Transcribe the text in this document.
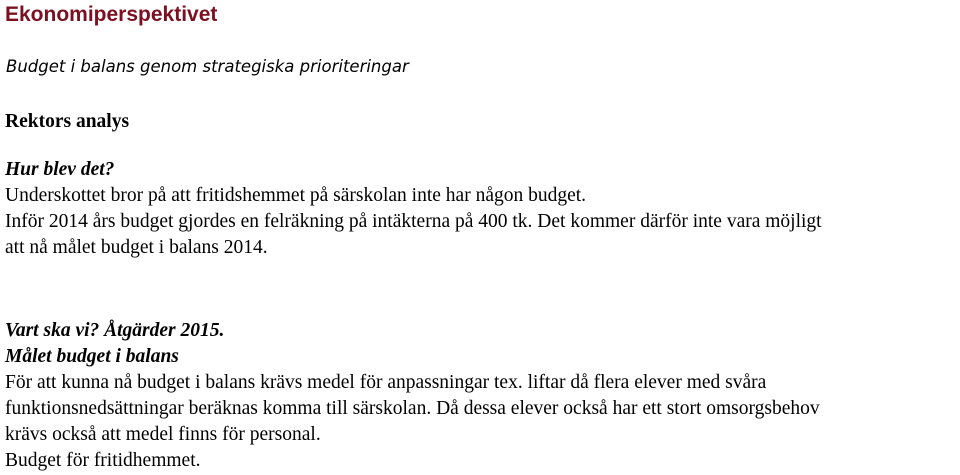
Ekonomiperspektivet
Budget i balans genom strategiska prioriteringar
Rektors analys
Hur blev det?
Underskottet bror på att fritidshemmet på särskolan inte har någon budget.
Inför 2014 års budget gjordes en felräkning på intäkterna på 400 tk. Det kommer därför inte vara möjligt
att nå målet budget i balans 2014.
Vart ska vi? Åtgärder 2015.
Målet budget i balans
För att kunna nå budget i balans krävs medel för anpassningar tex. liftar då flera elever med svåra
funktionsnedsättningar beräknas komma till särskolan. Då dessa elever också har ett stort omsorgsbehov
krävs också att medel finns för personal.
Budget för fritidhemmet.
